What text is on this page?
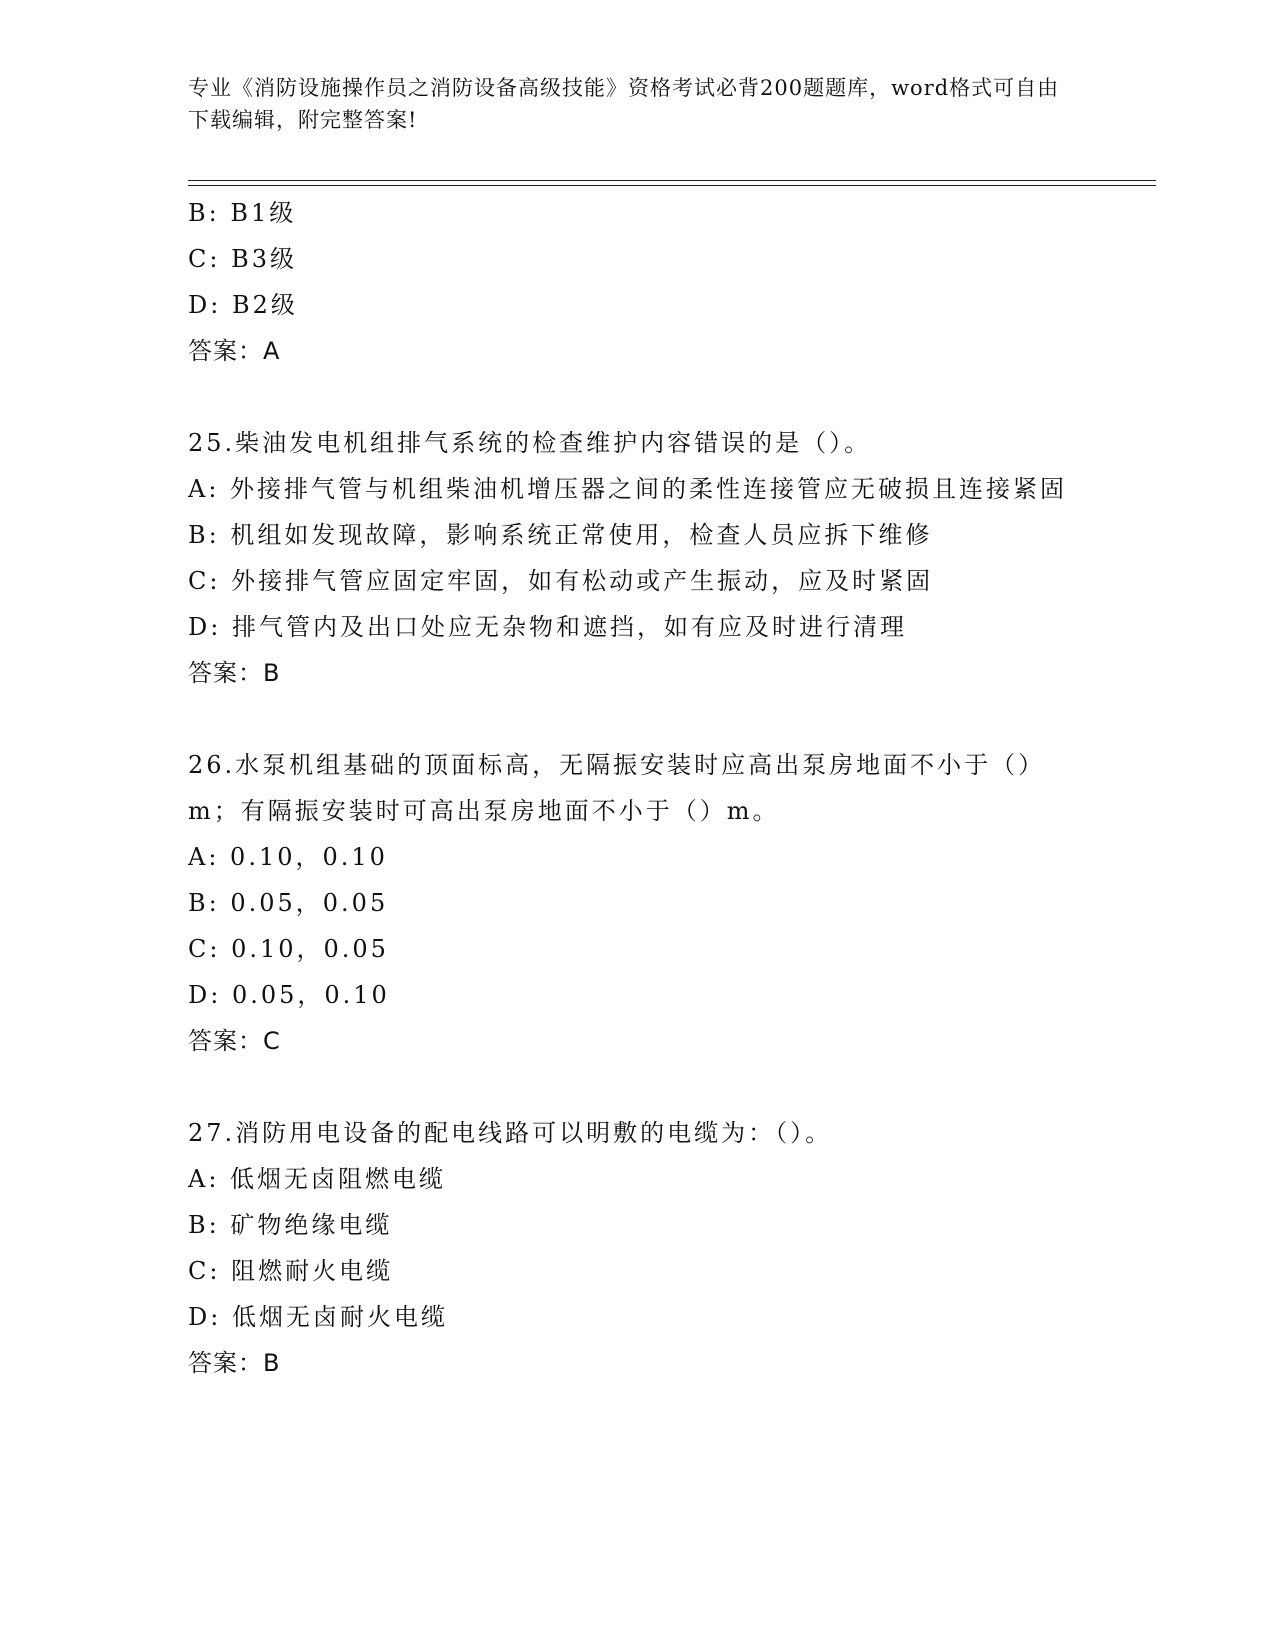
专业《消防设施操作员之消防设备高级技能》资格考试必背200题题库，word格式可自由下载编辑，附完整答案!
B: B1级
C: B3级
D: B2级
答案：A
25.柴油发电机组排气系统的检查维护内容错误的是（）。
A: 外接排气管与机组柴油机增压器之间的柔性连接管应无破损且连接紧固
B: 机组如发现故障，影响系统正常使用，检查人员应拆下维修
C: 外接排气管应固定牢固，如有松动或产生振动，应及时紧固
D: 排气管内及出口处应无杂物和遮挡，如有应及时进行清理
答案：B
26.水泵机组基础的顶面标高，无隔振安装时应高出泵房地面不小于（）m；有隔振安装时可高出泵房地面不小于（）m。
A: 0.10，0.10
B: 0.05，0.05
C: 0.10，0.05
D: 0.05，0.10
答案：C
27.消防用电设备的配电线路可以明敷的电缆为：（）。
A: 低烟无卤阻燃电缆
B: 矿物绝缘电缆
C: 阻燃耐火电缆
D: 低烟无卤耐火电缆
答案：B
